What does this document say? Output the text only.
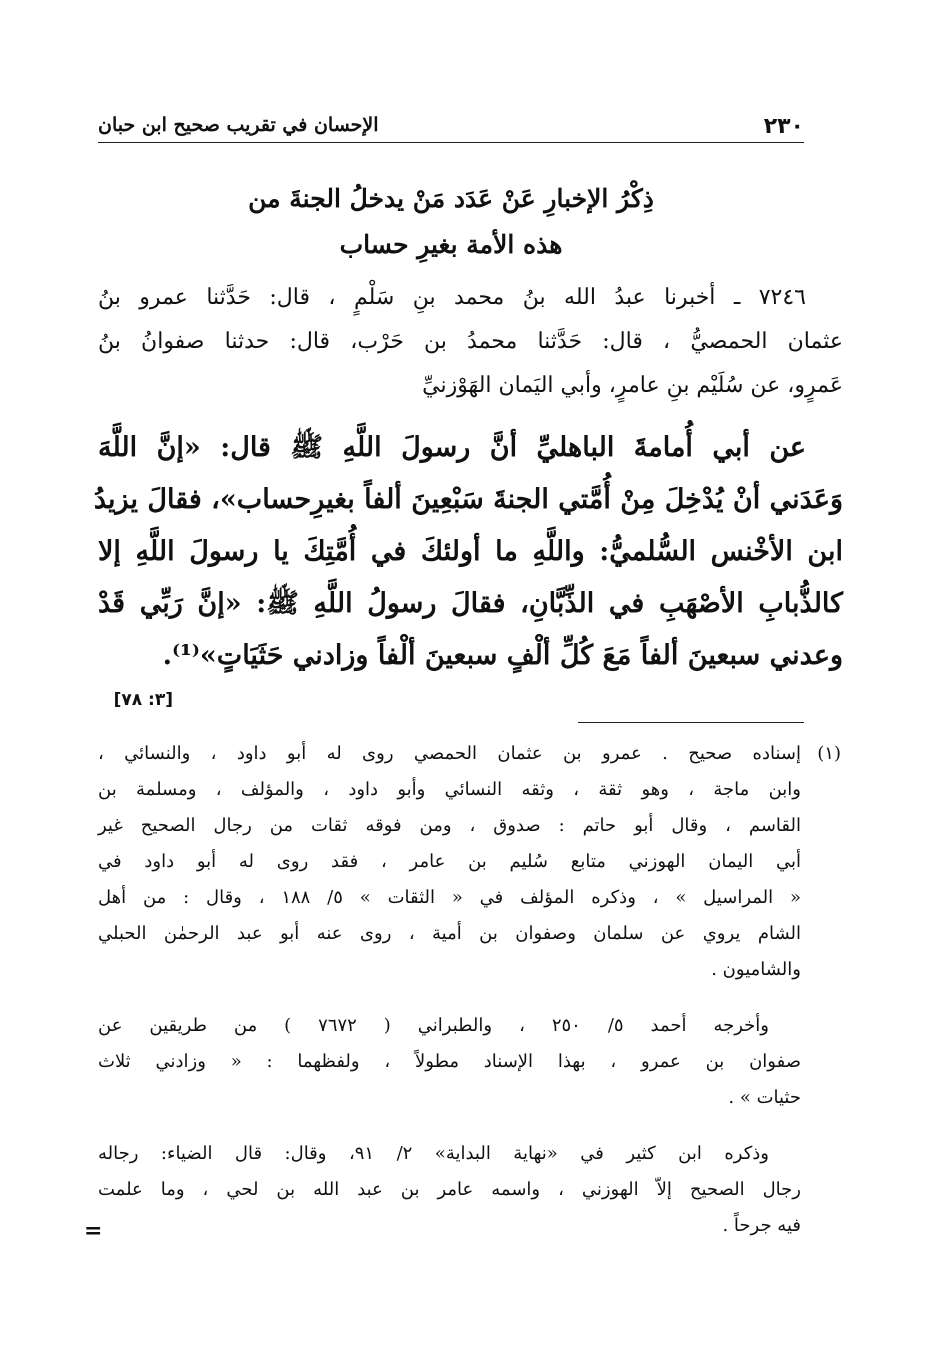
٢٣٠
الإحسان في تقريب صحيح ابن حبان
ذِكْرُ الإخبارِ عَنْ عَدَد مَنْ يدخلُ الجنةَ من
هذه الأمة بغيرِ حساب
٧٢٤٦ ـ أخبرنا عبدُ الله بنُ محمد بنِ سَلْمٍ ، قال: حَدَّثنا عمرو بنُ
عثمان الحمصيُّ ، قال: حَدَّثنا محمدُ بن حَرْب، قال: حدثنا صفوانُ بنُ
عَمرٍو، عن سُلَيْم بنِ عامرٍ، وأبي اليَمان الهَوْزنيِّ
عن أبي أُمامةَ الباهليِّ أنَّ رسولَ اللَّهِ ﷺ قال: «إنَّ اللَّهَ
وَعَدَني أنْ يُدْخِلَ مِنْ أُمَّتي الجنةَ سَبْعِينَ ألفاً بغيرِحساب»، فقالَ يزيدُ
ابن الأخْنس السُّلميُّ: واللَّهِ ما أولئكَ في أُمَّتِكَ يا رسولَ اللَّهِ إلا
كالذُّبابِ الأصْهَبِ في الذِّبَّانِ، فقالَ رسولُ اللَّهِ ﷺ: «إنَّ رَبِّي قَدْ
وعدني سبعينَ ألفاً مَعَ كُلِّ ألْفٍ سبعينَ ألْفاً وزادني حَثَيَاتٍ»⁽¹⁾.
[٣: ٧٨]
(١)
إسناده صحيح . عمرو بن عثمان الحمصي روى له أبو داود ، والنسائي ،
وابن ماجة ، وهو ثقة ، وثقه النسائي وأبو داود ، والمؤلف ، ومسلمة بن
القاسم ، وقال أبو حاتم : صدوق ، ومن فوقه ثقات من رجال الصحيح غير
أبي اليمان الهوزني متابع سُليم بن عامر ، فقد روى له أبو داود في
« المراسيل » ، وذكره المؤلف في « الثقات » ٥/ ١٨٨ ، وقال : من أهل
الشام يروي عن سلمان وصفوان بن أمية ، روى عنه أبو عبد الرحمٰن الحبلي
والشاميون .
وأخرجه أحمد ٥/ ٢٥٠ ، والطبراني ( ٧٦٧٢ ) من طريقين عن
صفوان بن عمرو ، بهذا الإسناد مطولاً ، ولفظهما : « وزادني ثلاث
حثيات » .
وذكره ابن كثير في «نهاية البداية» ٢/ ٩١، وقال: قال الضياء: رجاله
رجال الصحيح إلاّ الهوزني ، واسمه عامر بن عبد الله بن لحي ، وما علمت
فيه جرحاً .
=
